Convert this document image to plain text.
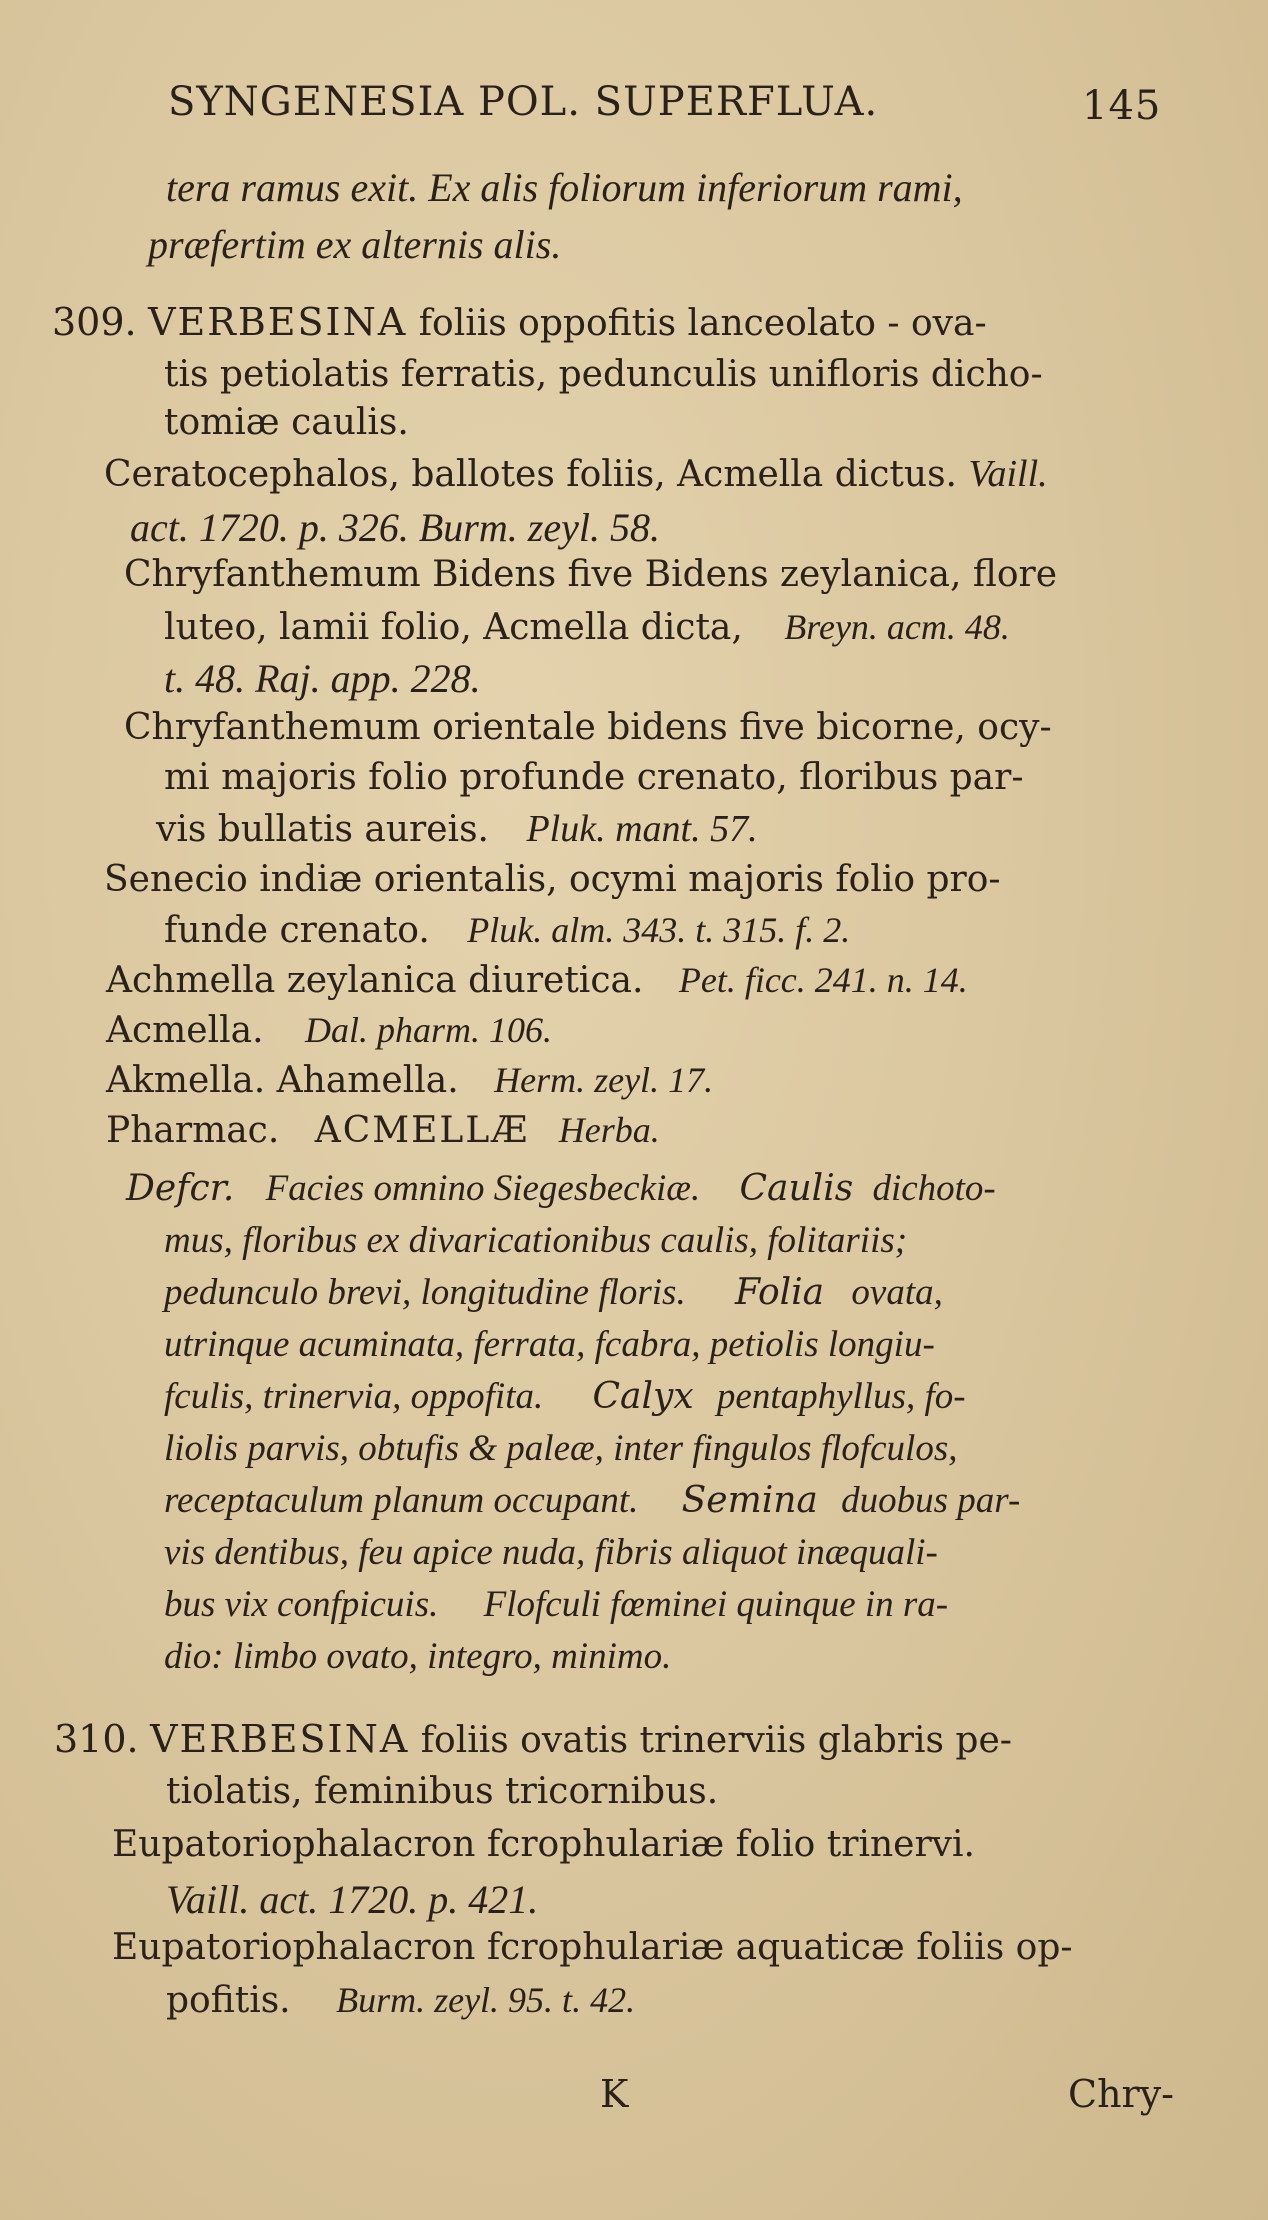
SYNGENESIA POL. SUPERFLUA.	145
tera ramus exit. Ex alis foliorum inferiorum rami,
præfertim ex alternis alis.
309. VERBESINA foliis oppofitis lanceolato - ova-
tis petiolatis ferratis, pedunculis unifloris dicho-
tomiæ caulis.
Ceratocephalos, ballotes foliis, Acmella dictus. Vaill.
act. 1720. p. 326. Burm. zeyl. 58.
Chryfanthemum Bidens five Bidens zeylanica, flore
luteo, lamii folio, Acmella dicta, Breyn. acm. 48.
t. 48. Raj. app. 228.
Chryfanthemum orientale bidens five bicorne, ocy-
mi majoris folio profunde crenato, floribus par-
vis bullatis aureis. Pluk. mant. 57.
Senecio indiæ orientalis, ocymi majoris folio pro-
funde crenato. Pluk. alm. 343. t. 315. f. 2.
Achmella zeylanica diuretica. Pet. ficc. 241. n. 14.
Acmella. Dal. pharm. 106.
Akmella. Ahamella. Herm. zeyl. 17.
Pharmac. ACMELLÆ Herba.
Defcr. Facies omnino Siegesbeckiæ. Caulis dichoto-
mus, floribus ex divaricationibus caulis, folitariis;
pedunculo brevi, longitudine floris. Folia ovata,
utrinque acuminata, ferrata, fcabra, petiolis longiu-
fculis, trinervia, oppofita. Calyx pentaphyllus, fo-
liolis parvis, obtufis & paleæ, inter fingulos flofculos,
receptaculum planum occupant. Semina duobus par-
vis dentibus, feu apice nuda, fibris aliquot inæquali-
bus vix confpicuis. Flofculi fœminei quinque in ra-
dio: limbo ovato, integro, minimo.
310. VERBESINA foliis ovatis trinerviis glabris pe-
tiolatis, feminibus tricornibus.
Eupatoriophalacron fcrophulariæ folio trinervi.
Vaill. act. 1720. p. 421.
Eupatoriophalacron fcrophulariæ aquaticæ foliis op-
pofitis. Burm. zeyl. 95. t. 42.
K	Chry-
